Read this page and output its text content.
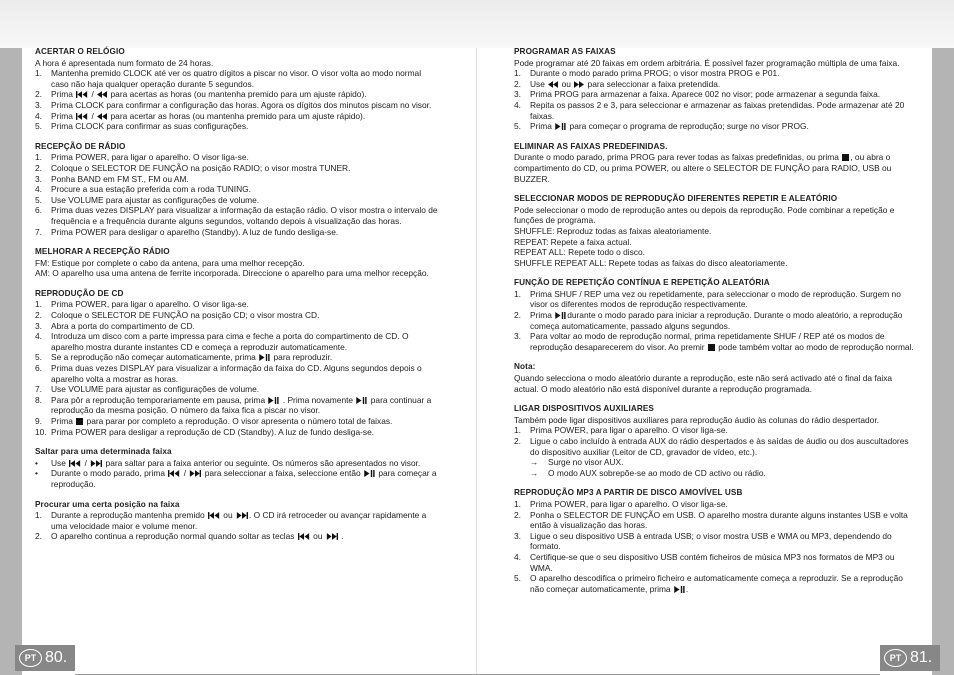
ACERTAR O RELÓGIO

A hora é apresentada num formato de 24 horas.

1. Mantenha premido CLOCK até ver os quatro dígitos a piscar no visor. O visor volta ao modo normal caso não haja qualquer operação durante 5 segundos.
2. Prima / para acertas as horas (ou mantenha premido para um ajuste rápido).
3. Prima CLOCK para confirmar a configuração das horas. Agora os dígitos dos minutos piscam no visor.
4. Prima / para acertar as horas (ou mantenha premido para um ajuste rápido).
5. Prima CLOCK para confirmar as suas configurações.
RECEPÇÃO DE RÁDIO
1. Prima POWER, para ligar o aparelho. O visor liga-se.
2. Coloque o SELECTOR DE FUNÇÃO na posição RADIO; o visor mostra TUNER.
3. Ponha BAND em FM ST., FM ou AM.
4. Procure a sua estação preferida com a roda TUNING.
5. Use VOLUME para ajustar as configurações de volume.
6. Prima duas vezes DISPLAY para visualizar a informação da estação rádio. O visor mostra o intervalo de frequência e a frequência durante alguns segundos, voltando depois à visualização das horas.
7. Prima POWER para desligar o aparelho (Standby). A luz de fundo desliga-se.
MELHORAR A RECEPÇÃO RÁDIO

FM: Estique por complete o cabo da antena, para uma melhor recepção.

AM: O aparelho usa uma antena de ferrite incorporada. Direccione o aparelho para uma melhor recepção.

REPRODUÇÃO DE CD
1. Prima POWER, para ligar o aparelho. O visor liga-se.
2. Coloque o SELECTOR DE FUNÇÃO na posição CD; o visor mostra CD.
3. Abra a porta do compartimento de CD.
4. Introduza um disco com a parte impressa para cima e feche a porta do compartimento de CD. O aparelho mostra durante instantes CD e começa a reproduzir automaticamente.
5. Se a reprodução não começar automaticamente, prima para reproduzir.
6. Prima duas vezes DISPLAY para visualizar a informação da faixa do CD. Alguns segundos depois o aparelho volta a mostrar as horas.
7. Use VOLUME para ajustar as configurações de volume.
8. Para pôr a reprodução temporariamente em pausa, prima . Prima novamente para continuar a reprodução da mesma posição. O número da faixa fica a piscar no visor.
9. Prima para parar por completo a reprodução. O visor apresenta o número total de faixas.
10. Prima POWER para desligar a reprodução de CD (Standby). A luz de fundo desliga-se.
Saltar para uma determinada faixa
• Use / para saltar para a faixa anterior ou seguinte. Os números são apresentados no visor.
• Durante o modo parado, prima / para seleccionar a faixa, seleccione então para começar a reprodução.
Procurar uma certa posição na faixa
1. Durante a reprodução mantenha premido ou . O CD irá retroceder ou avançar rapidamente a uma velocidade maior e volume menor.
2. O aparelho continua a reprodução normal quando soltar as teclas ou .
PROGRAMAR AS FAIXAS

Pode programar até 20 faixas em ordem arbitrária. É possível fazer programação múltipla de uma faixa.

1. Durante o modo parado prima PROG; o visor mostra PROG e P01.
2. Use ou para seleccionar a faixa pretendida.
3. Prima PROG para armazenar a faixa. Aparece 002 no visor; pode armazenar a segunda faixa.
4. Repita os passos 2 e 3, para seleccionar e armazenar as faixas pretendidas. Pode armazenar até 20 faixas.
5. Prima para começar o programa de reprodução; surge no visor PROG.
ELIMINAR AS FAIXAS PREDEFINIDAS.

Durante o modo parado, prima PROG para rever todas as faixas predefinidas, ou prima , ou abra o compartimento do CD, ou prima POWER, ou altere o SELECTOR DE FUNÇÃO para RADIO, USB ou BUZZER.

SELECCIONAR MODOS DE REPRODUÇÃO DIFERENTES REPETIR E ALEATÓRIO

Pode seleccionar o modo de reprodução antes ou depois da reprodução. Pode combinar a repetição e funções de programa.

SHUFFLE: Reproduz todas as faixas aleatoriamente.

REPEAT: Repete a faixa actual.

REPEAT ALL: Repete todo o disco.

SHUFFLE REPEAT ALL: Repete todas as faixas do disco aleatoriamente.

FUNÇÃO DE REPETIÇÃO CONTÍNUA E REPETIÇÃO ALEATÓRIA
1. Prima SHUF / REP uma vez ou repetidamente, para seleccionar o modo de reprodução. Surgem no visor os diferentes modos de reprodução respectivamente.
2. Prima durante o modo parado para iniciar a reprodução. Durante o modo aleatório, a reprodução começa automaticamente, passado alguns segundos.
3. Para voltar ao modo de reprodução normal, prima repetidamente SHUF / REP até os modos de reprodução desaparecerem do visor. Ao premir pode também voltar ao modo de reprodução normal.
Nota:

Quando selecciona o modo aleatório durante a reprodução, este não será activado até o final da faixa actual. O modo aleatório não está disponível durante a reprodução programada.

LIGAR DISPOSITIVOS AUXILIARES

Também pode ligar dispositivos auxiliares para reprodução áudio às colunas do rádio despertador.

1. Prima POWER, para ligar o aparelho. O visor liga-se.
2. Ligue o cabo incluído à entrada AUX do rádio despertados e às saídas de áudio ou dos auscultadores do dispositivo auxiliar (Leitor de CD, gravador de vídeo, etc.).
→ Surge no visor AUX.
→ O modo AUX sobrepõe-se ao modo de CD activo ou rádio.
REPRODUÇÃO MP3 A PARTIR DE DISCO AMOVÍVEL USB
1. Prima POWER, para ligar o aparelho. O visor liga-se.
2. Ponha o SELECTOR DE FUNÇÃO em USB. O aparelho mostra durante alguns instantes USB e volta então à visualização das horas.
3. Ligue o seu dispositivo USB à entrada USB; o visor mostra USB e WMA ou MP3, dependendo do formato.
4. Certifique-se que o seu dispositivo USB contém ficheiros de música MP3 nos formatos de MP3 ou WMA.
5. O aparelho descodifica o primeiro ficheiro e automaticamente começa a reproduzir. Se a reprodução não começar automaticamente, prima .
PT 80.	PT 81.
